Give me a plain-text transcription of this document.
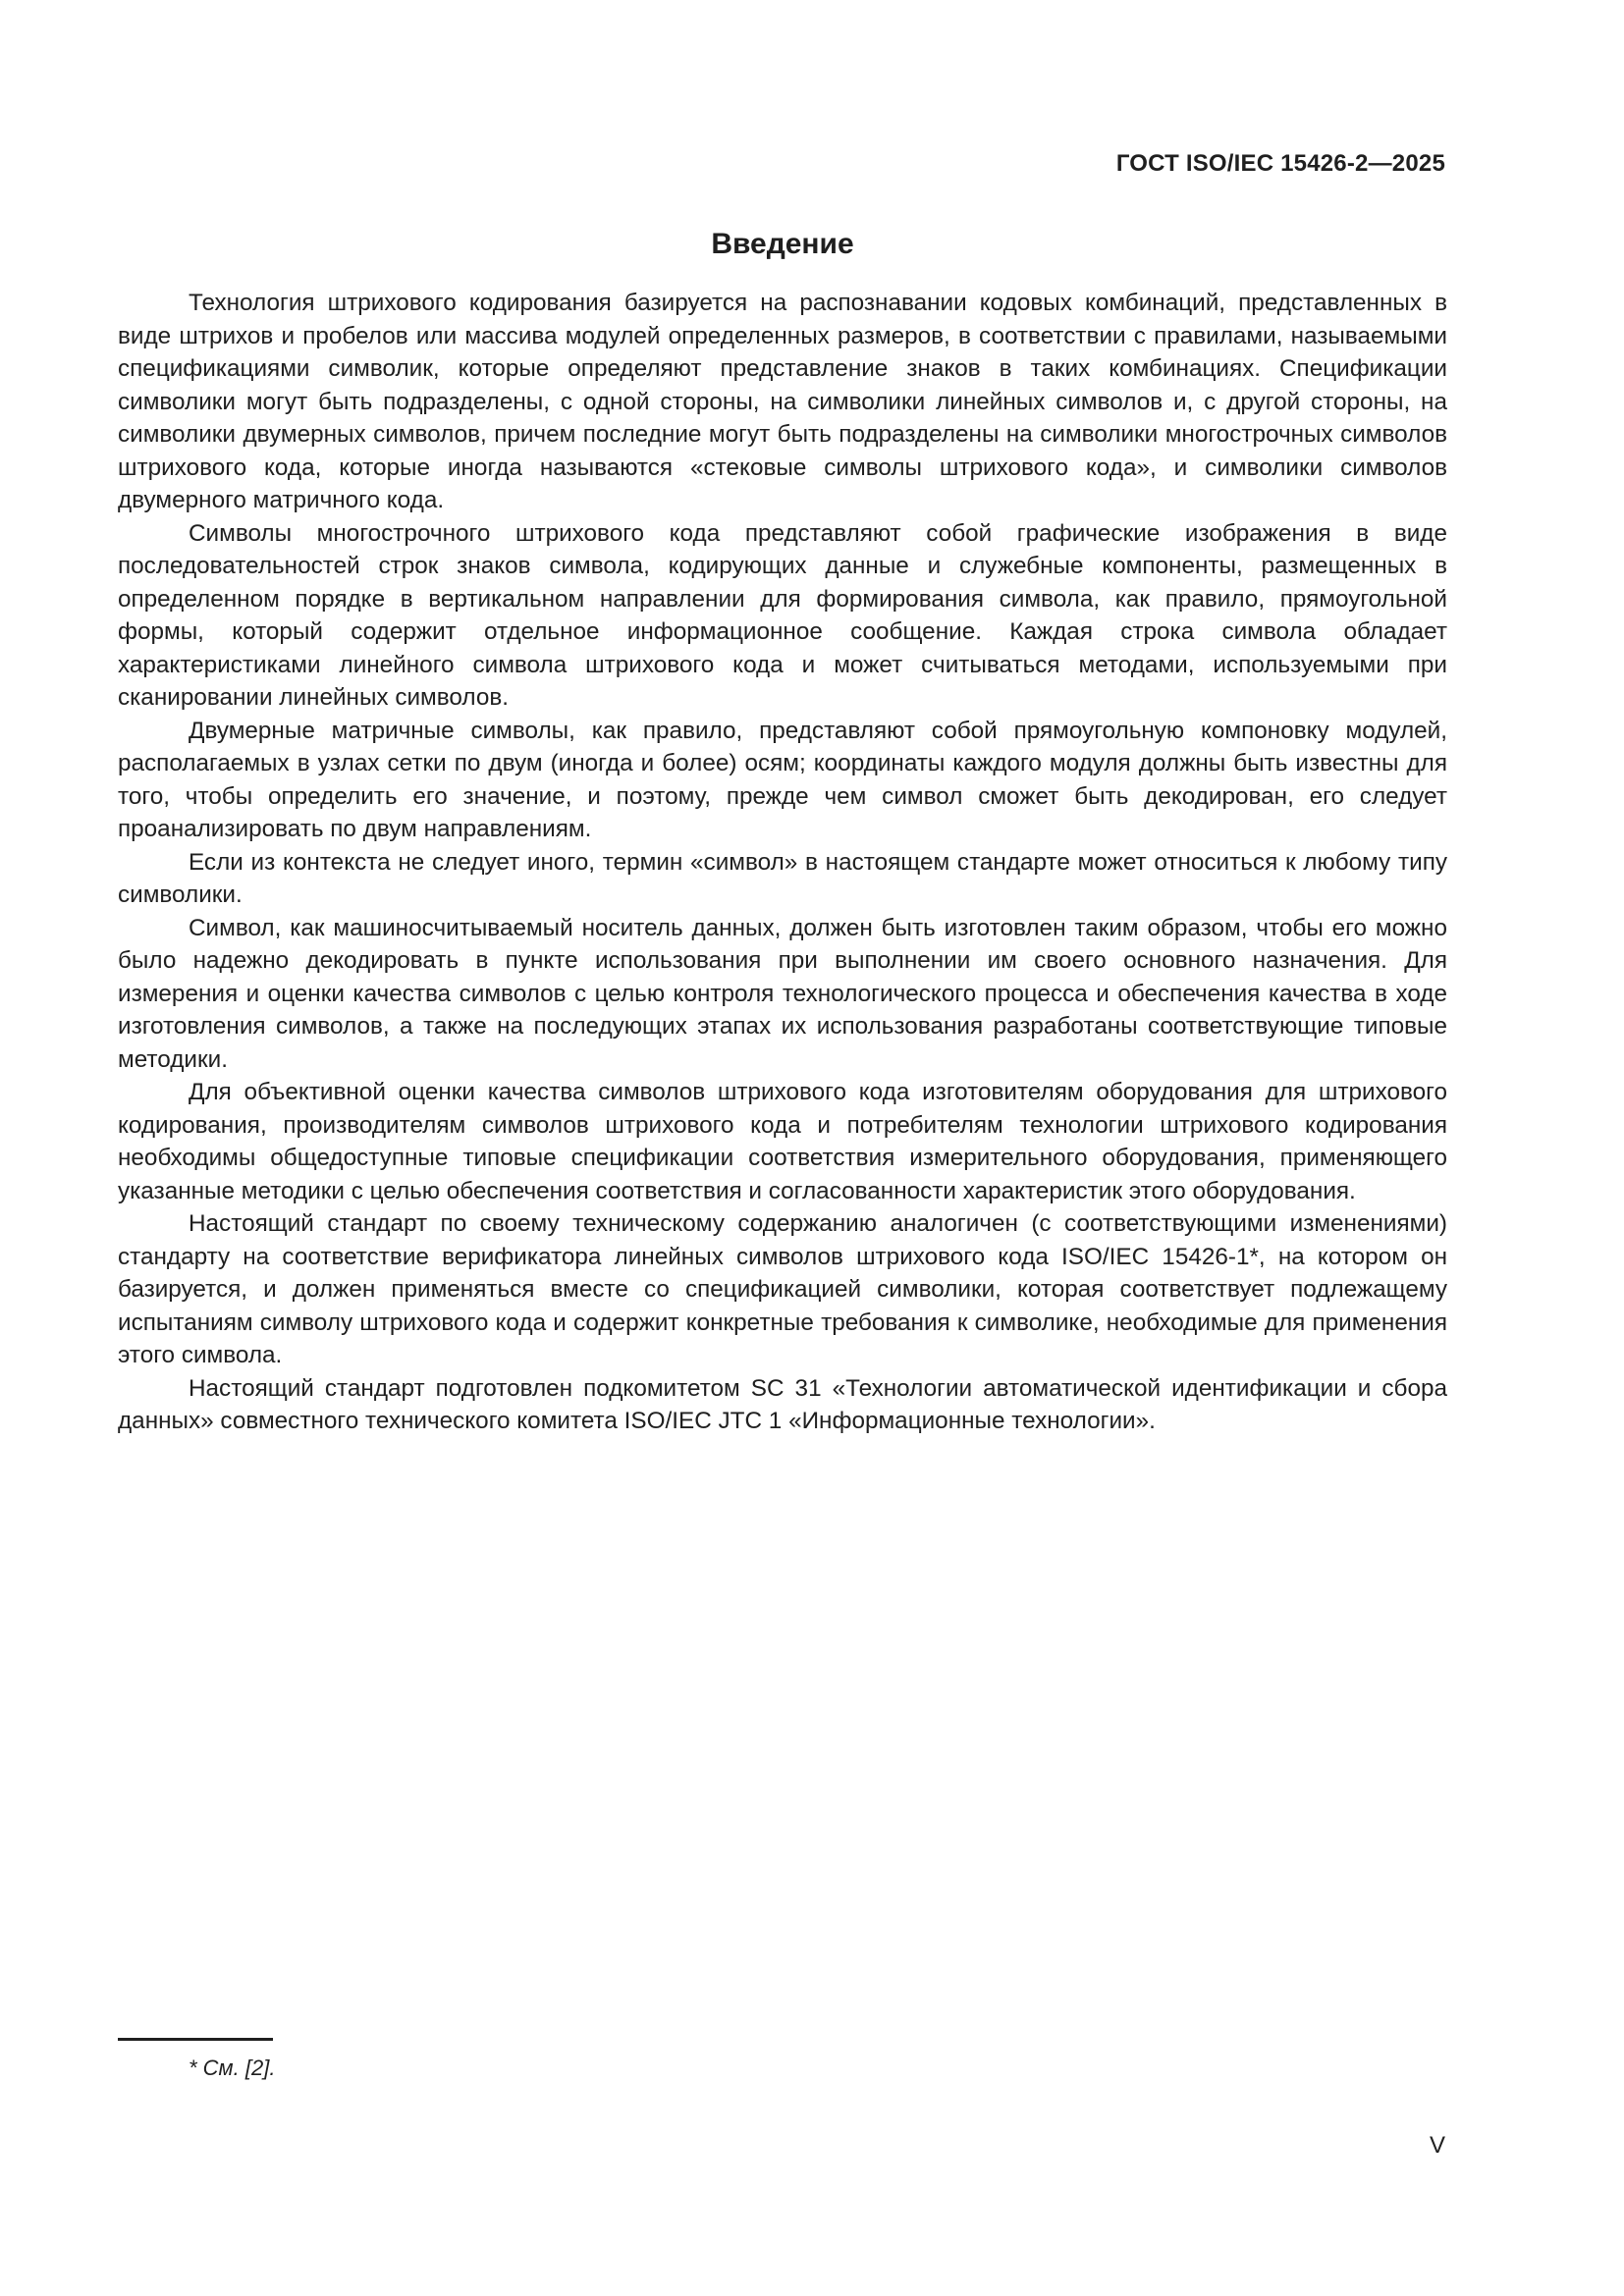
ГОСТ ISO/IEC 15426-2—2025
Введение

Технология штрихового кодирования базируется на распознавании кодовых комбинаций, представленных в виде штрихов и пробелов или массива модулей определенных размеров, в соответствии с правилами, называемыми спецификациями символик, которые определяют представление знаков в таких комбинациях. Спецификации символики могут быть подразделены, с одной стороны, на символики линейных символов и, с другой стороны, на символики двумерных символов, причем последние могут быть подразделены на символики многострочных символов штрихового кода, которые иногда называются «стековые символы штрихового кода», и символики символов двумерного матричного кода.

Символы многострочного штрихового кода представляют собой графические изображения в виде последовательностей строк знаков символа, кодирующих данные и служебные компоненты, размещенных в определенном порядке в вертикальном направлении для формирования символа, как правило, прямоугольной формы, который содержит отдельное информационное сообщение. Каждая строка символа обладает характеристиками линейного символа штрихового кода и может считываться методами, используемыми при сканировании линейных символов.

Двумерные матричные символы, как правило, представляют собой прямоугольную компоновку модулей, располагаемых в узлах сетки по двум (иногда и более) осям; координаты каждого модуля должны быть известны для того, чтобы определить его значение, и поэтому, прежде чем символ сможет быть декодирован, его следует проанализировать по двум направлениям.

Если из контекста не следует иного, термин «символ» в настоящем стандарте может относиться к любому типу символики.

Символ, как машиносчитываемый носитель данных, должен быть изготовлен таким образом, чтобы его можно было надежно декодировать в пункте использования при выполнении им своего основного назначения. Для измерения и оценки качества символов с целью контроля технологического процесса и обеспечения качества в ходе изготовления символов, а также на последующих этапах их использования разработаны соответствующие типовые методики.

Для объективной оценки качества символов штрихового кода изготовителям оборудования для штрихового кодирования, производителям символов штрихового кода и потребителям технологии штрихового кодирования необходимы общедоступные типовые спецификации соответствия измерительного оборудования, применяющего указанные методики с целью обеспечения соответствия и согласованности характеристик этого оборудования.

Настоящий стандарт по своему техническому содержанию аналогичен (с соответствующими изменениями) стандарту на соответствие верификатора линейных символов штрихового кода ISO/IEC 15426-1*, на котором он базируется, и должен применяться вместе со спецификацией символики, которая соответствует подлежащему испытаниям символу штрихового кода и содержит конкретные требования к символике, необходимые для применения этого символа.

Настоящий стандарт подготовлен подкомитетом SC 31 «Технологии автоматической идентификации и сбора данных» совместного технического комитета ISO/IEC JTC 1 «Информационные технологии».

* См. [2].
V
